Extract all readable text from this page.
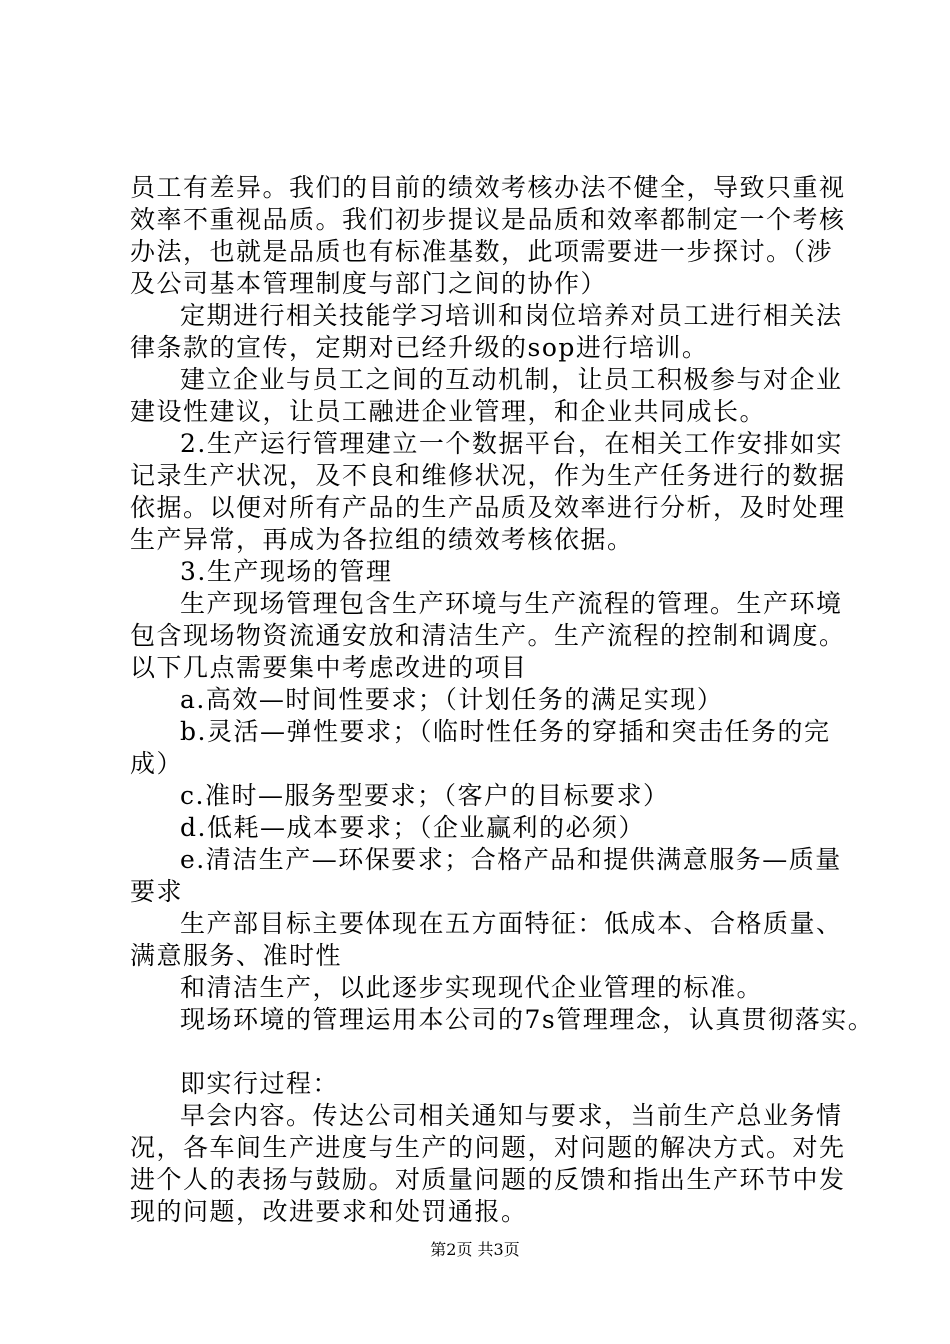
员工有差异。我们的目前的绩效考核办法不健全，导致只重视
效率不重视品质。我们初步提议是品质和效率都制定一个考核
办法，也就是品质也有标准基数，此项需要进一步探讨。（涉
及公司基本管理制度与部门之间的协作）
定期进行相关技能学习培训和岗位培养对员工进行相关法
律条款的宣传，定期对已经升级的sop进行培训。
建立企业与员工之间的互动机制，让员工积极参与对企业
建设性建议，让员工融进企业管理，和企业共同成长。
2.生产运行管理建立一个数据平台，在相关工作安排如实
记录生产状况，及不良和维修状况，作为生产任务进行的数据
依据。以便对所有产品的生产品质及效率进行分析，及时处理
生产异常，再成为各拉组的绩效考核依据。
3.生产现场的管理
生产现场管理包含生产环境与生产流程的管理。生产环境
包含现场物资流通安放和清洁生产。生产流程的控制和调度。
以下几点需要集中考虑改进的项目
a.高效—时间性要求；（计划任务的满足实现）
b.灵活—弹性要求；（临时性任务的穿插和突击任务的完
成）
c.准时—服务型要求；（客户的目标要求）
d.低耗—成本要求；（企业赢利的必须）
e.清洁生产—环保要求；合格产品和提供满意服务—质量
要求
生产部目标主要体现在五方面特征：低成本、合格质量、
满意服务、准时性
和清洁生产，以此逐步实现现代企业管理的标准。
现场环境的管理运用本公司的7s管理理念，认真贯彻落实。
即实行过程：
早会内容。传达公司相关通知与要求，当前生产总业务情
况，各车间生产进度与生产的问题，对问题的解决方式。对先
进个人的表扬与鼓励。对质量问题的反馈和指出生产环节中发
现的问题，改进要求和处罚通报。
第2页 共3页
